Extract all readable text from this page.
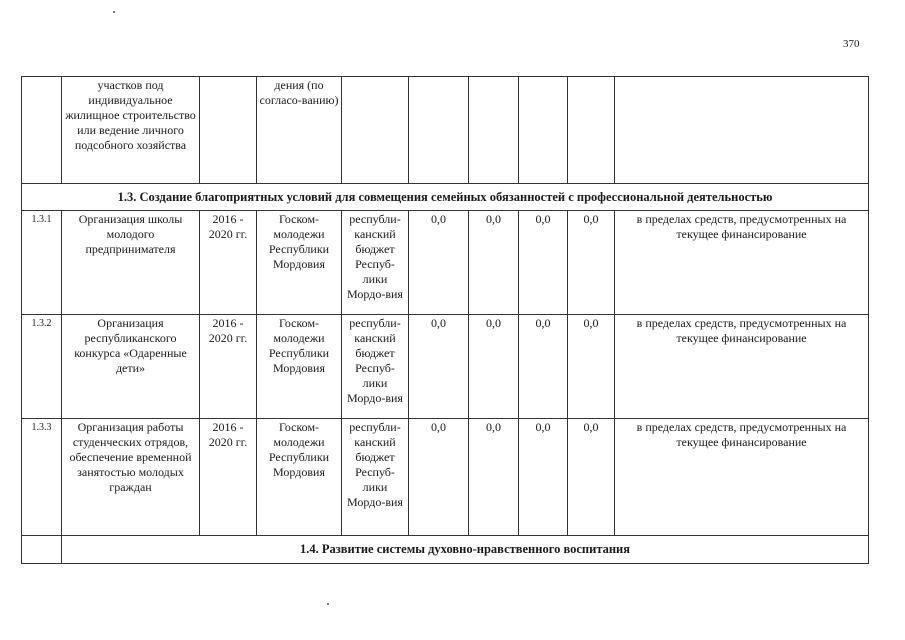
370
	участков под индивидуальное жилищное строительство или ведение личного подсобного хозяйства		дения (по согласо-ванию)						
1.3. Создание благоприятных условий для совмещения семейных обязанностей с профессиональной деятельностью									
1.3.1	Организация школы молодого предпринимателя	2016 - 2020 гг.	Госком-молодежи Республики Мордовия	республи-канский бюджет Респуб-лики Мордо-вия	0,0	0,0	0,0	0,0	в пределах средств, предусмотренных на текущее финансирование
1.3.2	Организация республиканского конкурса «Одаренные дети»	2016 - 2020 гг.	Госком-молодежи Республики Мордовия	республи-канский бюджет Респуб-лики Мордо-вия	0,0	0,0	0,0	0,0	в пределах средств, предусмотренных на текущее финансирование
1.3.3	Организация работы студенческих отрядов, обеспечение временной занятостью молодых граждан	2016 - 2020 гг.	Госком-молодежи Республики Мордовия	республи-канский бюджет Респуб-лики Мордо-вия	0,0	0,0	0,0	0,0	в пределах средств, предусмотренных на текущее финансирование
	1.4. Развитие системы духовно-нравственного воспитания								
